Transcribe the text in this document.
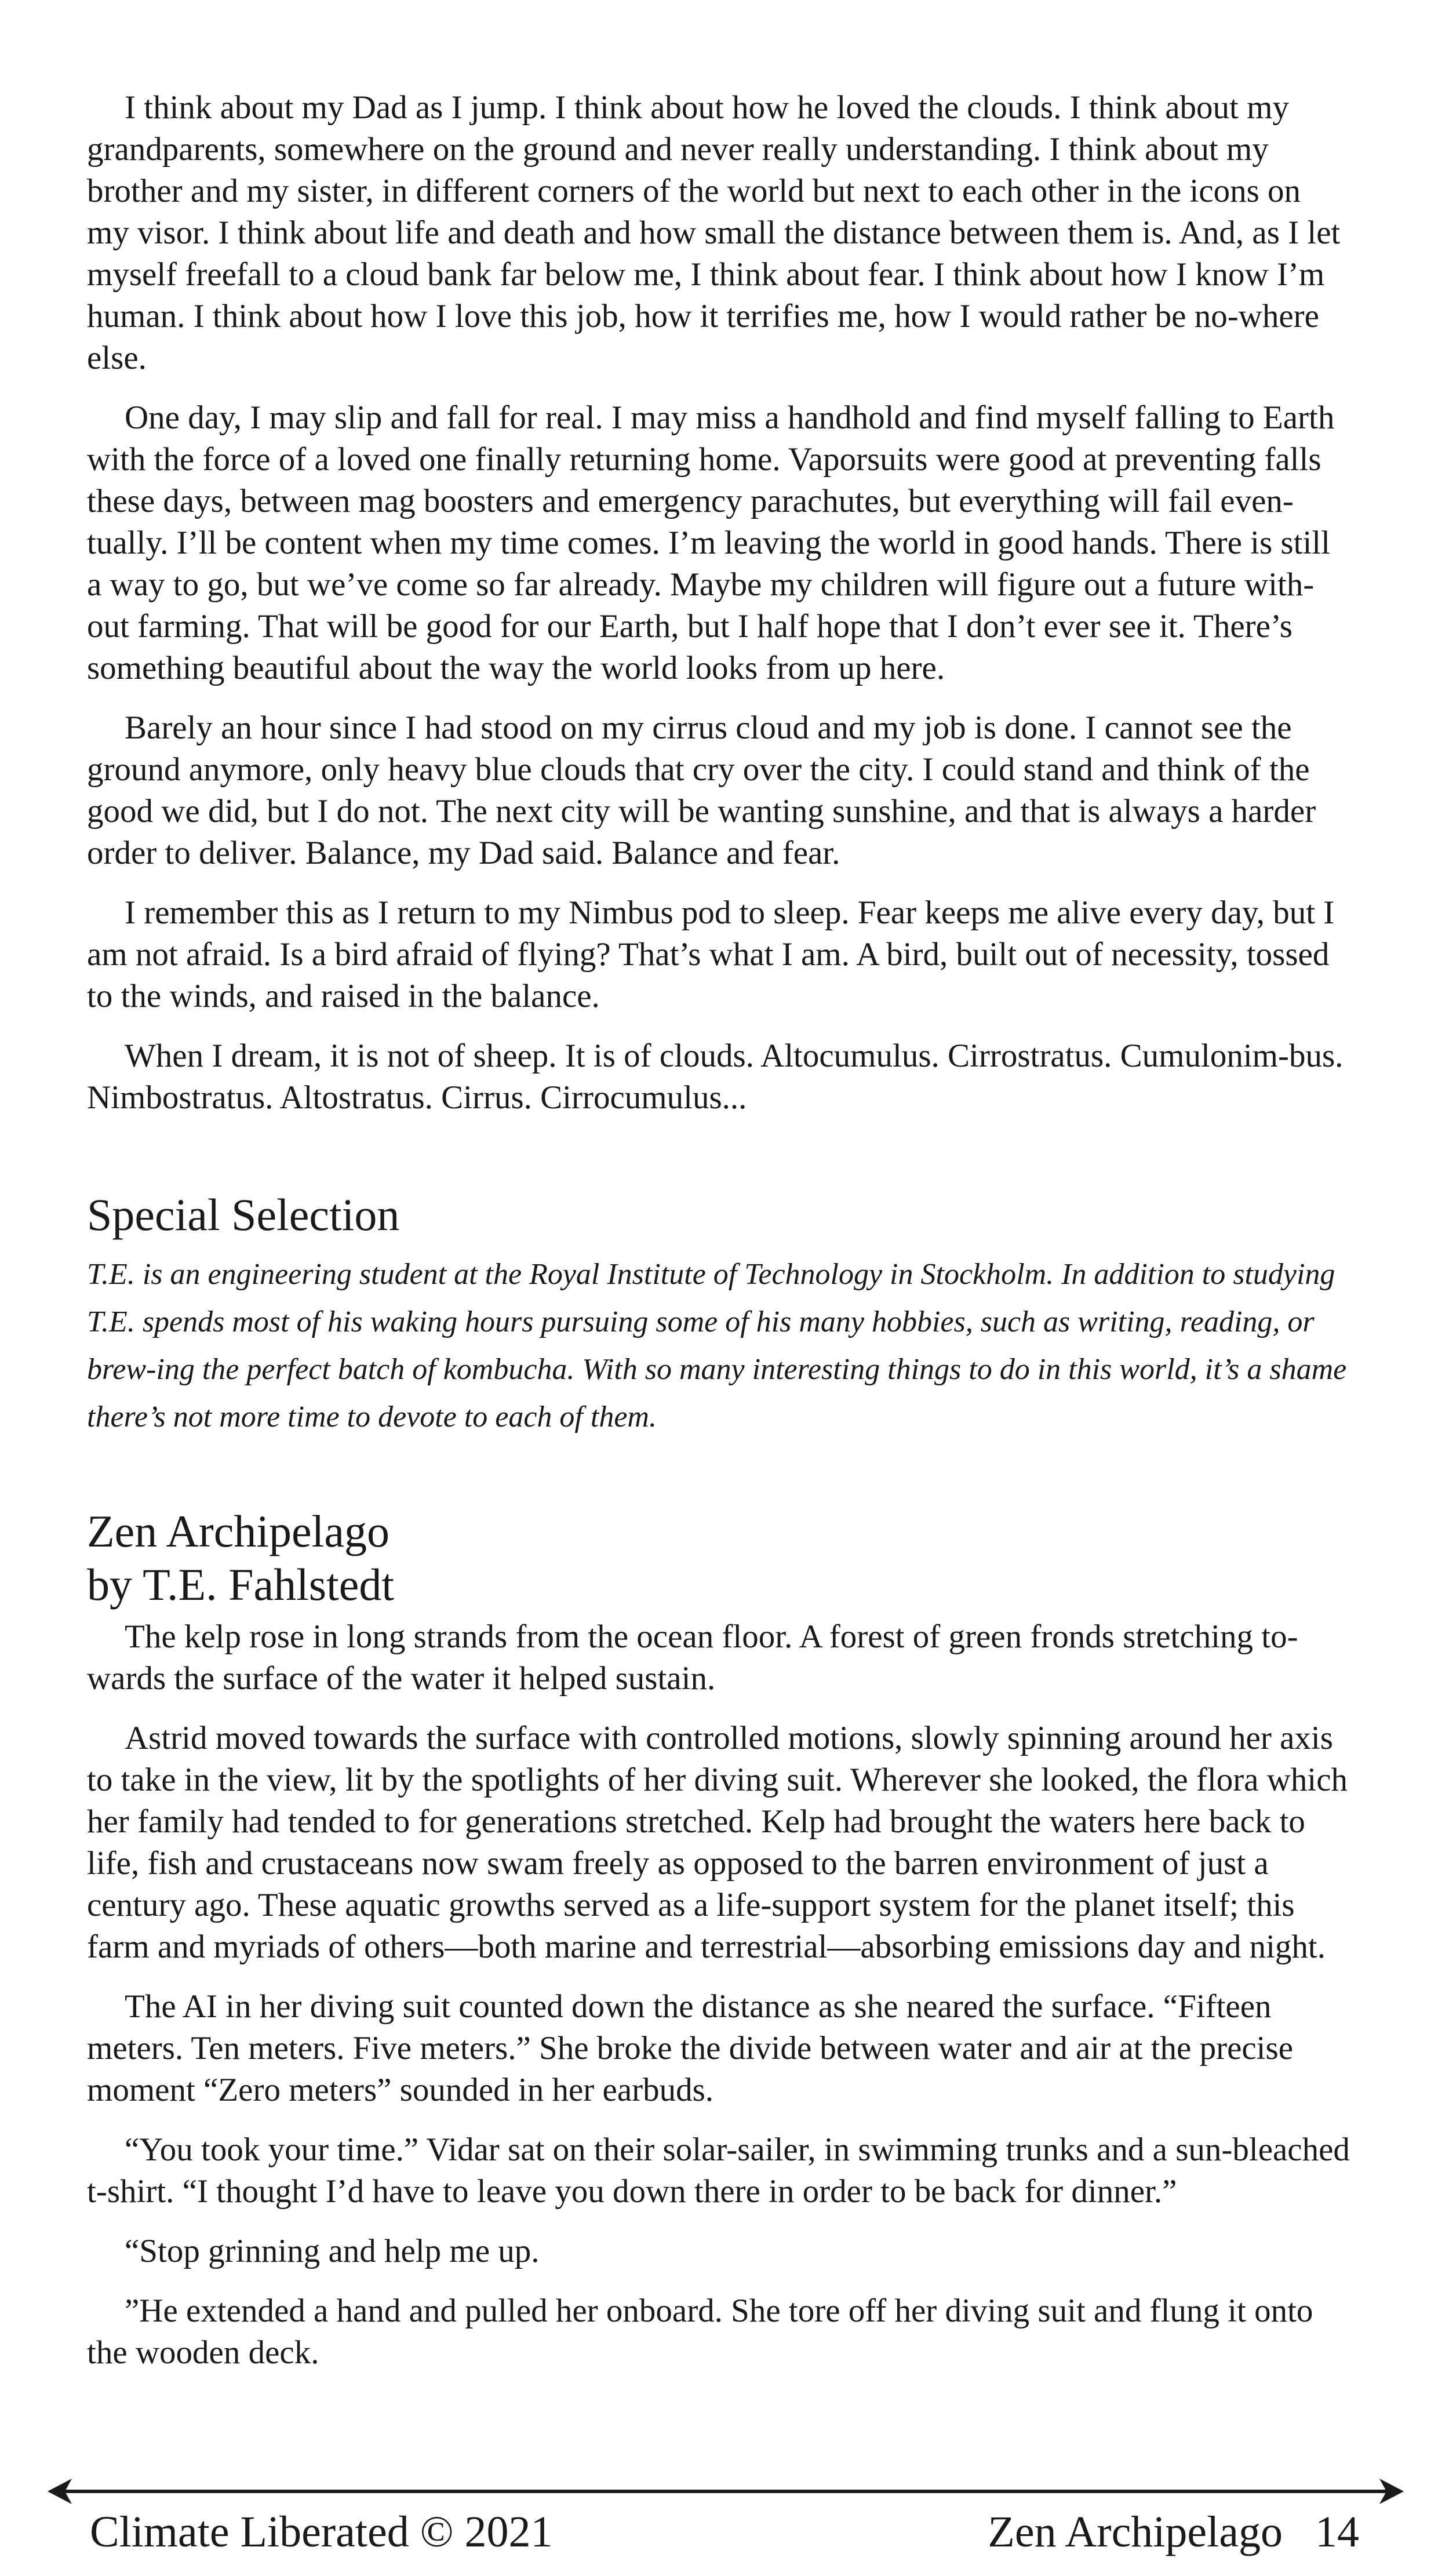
I think about my Dad as I jump. I think about how he loved the clouds. I think about my grandparents, somewhere on the ground and never really understanding. I think about my brother and my sister, in different corners of the world but next to each other in the icons on my visor. I think about life and death and how small the distance between them is. And, as I let myself freefall to a cloud bank far below me, I think about fear. I think about how I know I’m human. I think about how I love this job, how it terrifies me, how I would rather be no-where else.

One day, I may slip and fall for real. I may miss a handhold and find myself falling to Earth with the force of a loved one finally returning home. Vaporsuits were good at preventing falls these days, between mag boosters and emergency parachutes, but everything will fail even-tually. I’ll be content when my time comes. I’m leaving the world in good hands. There is still a way to go, but we’ve come so far already. Maybe my children will figure out a future with-out farming. That will be good for our Earth, but I half hope that I don’t ever see it. There’s something beautiful about the way the world looks from up here.

Barely an hour since I had stood on my cirrus cloud and my job is done. I cannot see the ground anymore, only heavy blue clouds that cry over the city. I could stand and think of the good we did, but I do not. The next city will be wanting sunshine, and that is always a harder order to deliver. Balance, my Dad said. Balance and fear.

I remember this as I return to my Nimbus pod to sleep. Fear keeps me alive every day, but I am not afraid. Is a bird afraid of flying? That’s what I am. A bird, built out of necessity, tossed to the winds, and raised in the balance.

When I dream, it is not of sheep. It is of clouds. Altocumulus. Cirrostratus. Cumulonim-bus. Nimbostratus. Altostratus. Cirrus. Cirrocumulus...

Special Selection

T.E. is an engineering student at the Royal Institute of Technology in Stockholm. In addition to studying T.E. spends most of his waking hours pursuing some of his many hobbies, such as writing, reading, or brew-ing the perfect batch of kombucha. With so many interesting things to do in this world, it’s a shame there’s not more time to devote to each of them.

Zen Archipelago
by T.E. Fahlstedt

The kelp rose in long strands from the ocean floor. A forest of green fronds stretching to-wards the surface of the water it helped sustain.

Astrid moved towards the surface with controlled motions, slowly spinning around her axis to take in the view, lit by the spotlights of her diving suit. Wherever she looked, the flora which her family had tended to for generations stretched. Kelp had brought the waters here back to life, fish and crustaceans now swam freely as opposed to the barren environment of just a century ago. These aquatic growths served as a life-support system for the planet itself; this farm and myriads of others—both marine and terrestrial—absorbing emissions day and night.

The AI in her diving suit counted down the distance as she neared the surface. “Fifteen meters. Ten meters. Five meters.” She broke the divide between water and air at the precise moment “Zero meters” sounded in her earbuds.

“You took your time.” Vidar sat on their solar-sailer, in swimming trunks and a sun-bleached t-shirt. “I thought I’d have to leave you down there in order to be back for dinner.”

“Stop grinning and help me up.

”He extended a hand and pulled her onboard. She tore off her diving suit and flung it onto the wooden deck.

Climate Liberated © 2021	Zen Archipelago 14
